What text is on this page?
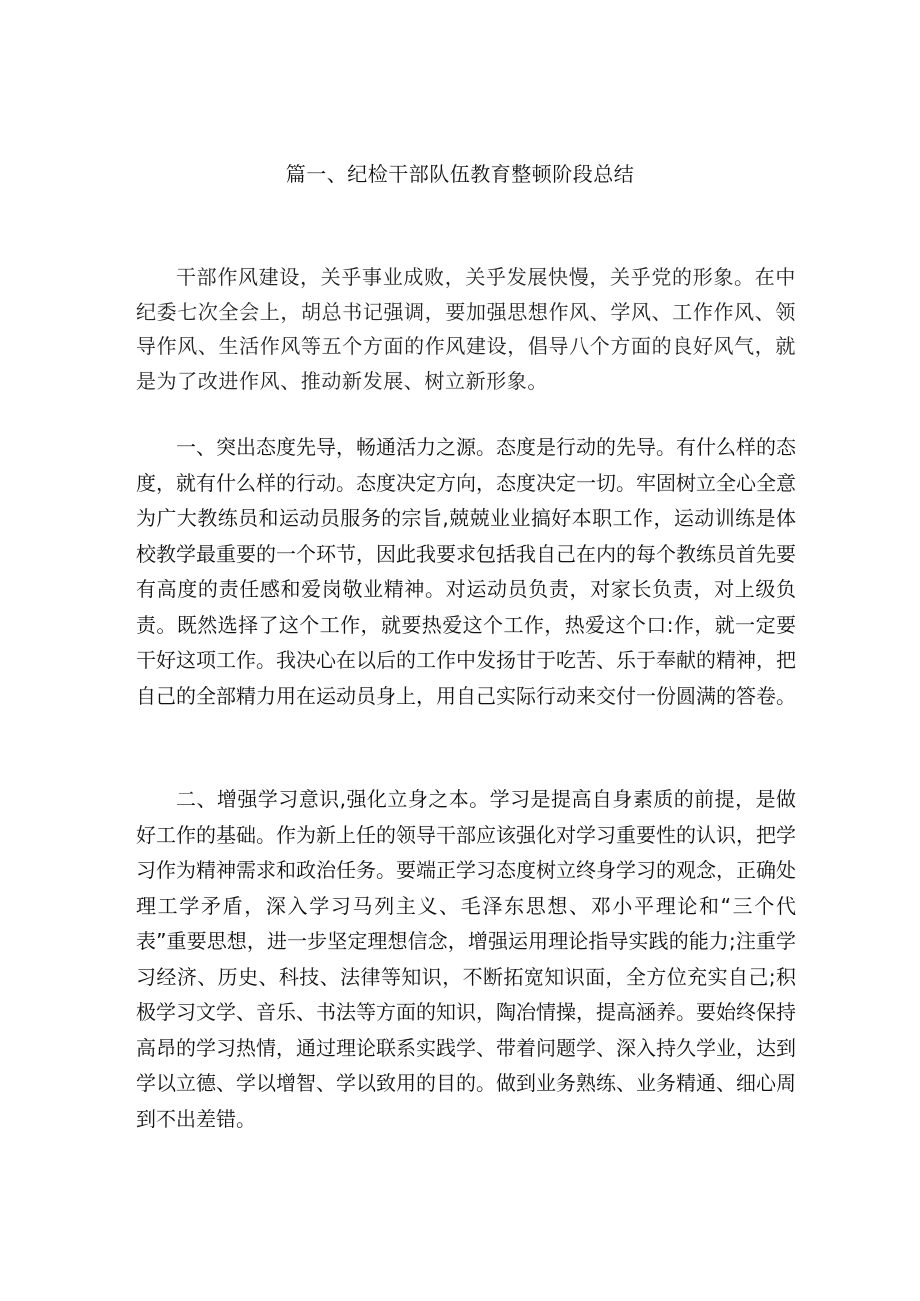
篇一、纪检干部队伍教育整顿阶段总结

干部作风建设，关乎事业成败，关乎发展快慢，关乎党的形象。在中纪委七次全会上，胡总书记强调，要加强思想作风、学风、工作作风、领导作风、生活作风等五个方面的作风建设，倡导八个方面的良好风气，就是为了改进作风、推动新发展、树立新形象。

一、突出态度先导，畅通活力之源。态度是行动的先导。有什么样的态度，就有什么样的行动。态度决定方向，态度决定一切。牢固树立全心全意为广大教练员和运动员服务的宗旨,兢兢业业搞好本职工作，运动训练是体校教学最重要的一个环节，因此我要求包括我自己在内的每个教练员首先要有高度的责任感和爱岗敬业精神。对运动员负责，对家长负责，对上级负责。既然选择了这个工作，就要热爱这个工作，热爱这个口:作，就一定要干好这项工作。我决心在以后的工作中发扬甘于吃苦、乐于奉献的精神，把自己的全部精力用在运动员身上，用自己实际行动来交付一份圆满的答卷。

二、增强学习意识,强化立身之本。学习是提高自身素质的前提，是做好工作的基础。作为新上任的领导干部应该强化对学习重要性的认识，把学习作为精神需求和政治任务。要端正学习态度树立终身学习的观念，正确处理工学矛盾，深入学习马列主义、毛泽东思想、邓小平理论和“三个代表”重要思想，进一步坚定理想信念，增强运用理论指导实践的能力;注重学习经济、历史、科技、法律等知识，不断拓宽知识面，全方位充实自己;积极学习文学、音乐、书法等方面的知识，陶冶情操，提高涵养。要始终保持高昂的学习热情，通过理论联系实践学、带着问题学、深入持久学业，达到学以立德、学以增智、学以致用的目的。做到业务熟练、业务精通、细心周到不出差错。
